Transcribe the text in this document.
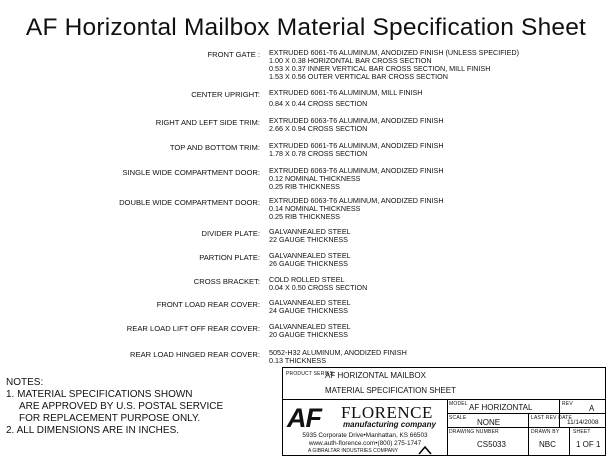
AF Horizontal Mailbox Material Specification Sheet
FRONT GATE : EXTRUDED 6061-T6 ALUMINUM, ANODIZED FINISH (UNLESS SPECIFIED)
1.00 X 0.38 HORIZONTAL BAR CROSS SECTION
0.53 X 0.37 INNER VERTICAL BAR CROSS SECTION, MILL FINISH
1.53 X 0.56 OUTER VERTICAL BAR CROSS SECTION
CENTER UPRIGHT: EXTRUDED 6061-T6 ALUMINUM, MILL FINISH
0.84 X 0.44 CROSS SECTION
RIGHT AND LEFT SIDE TRIM: EXTRUDED 6063-T6 ALUMINUM, ANODIZED FINISH
2.66 X 0.94 CROSS SECTION
TOP AND BOTTOM TRIM: EXTRUDED 6061-T6 ALUMINUM, ANODIZED FINISH
1.78 X 0.78 CROSS SECTION
SINGLE WIDE COMPARTMENT DOOR: EXTRUDED 6063-T6 ALUMINUM, ANODIZED FINISH
0.12 NOMINAL THICKNESS
0.25 RIB THICKNESS
DOUBLE WIDE COMPARTMENT DOOR: EXTRUDED 6063-T6 ALUMINUM, ANODIZED FINISH
0.14 NOMINAL THICKNESS
0.25 RIB THICKNESS
DIVIDER PLATE: GALVANNEALED STEEL
22 GAUGE THICKNESS
PARTION PLATE: GALVANNEALED STEEL
26 GAUGE THICKNESS
CROSS BRACKET: COLD ROLLED STEEL
0.04 X 0.50 CROSS SECTION
FRONT LOAD REAR COVER: GALVANNEALED STEEL
24 GAUGE THICKNESS
REAR LOAD LIFT OFF REAR COVER: GALVANNEALED STEEL
20 GAUGE THICKNESS
REAR LOAD HINGED REAR COVER: 5052-H32 ALUMINUM, ANODIZED FINISH
0.13 THICKNESS
NOTES:
1. MATERIAL SPECIFICATIONS SHOWN
ARE APPROVED BY U.S. POSTAL SERVICE
FOR REPLACEMENT PURPOSE ONLY.
2. ALL DIMENSIONS ARE IN INCHES.
PRODUCT SERIES:
AF HORIZONTAL MAILBOX
MATERIAL SPECIFICATION SHEET
AF FLORENCE
manufacturing company
5935 Corporate Drive•Manhattan, KS 66503
www.auth-florence.com•(800) 275-1747
A GIBRALTAR INDUSTRIES COMPANY
MODEL AF HORIZONTAL	REV A
SCALE NONE	LAST REV DATE
11/14/2008
DRAWING NUMBER
CS5033
DRAWN BY
NBC
SHEET
1 OF 1
